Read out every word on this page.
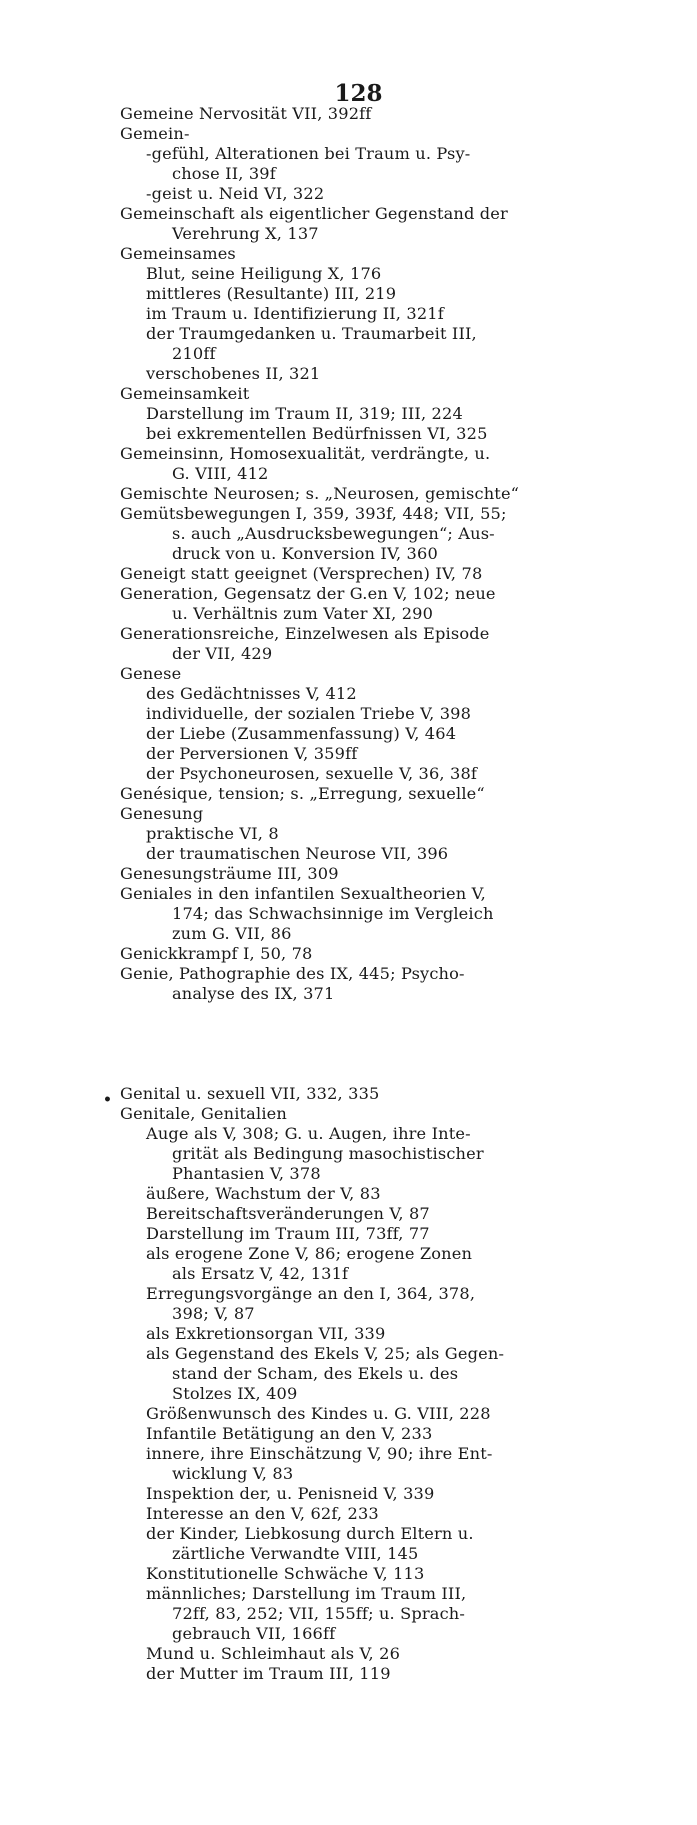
128
•
Gemeine Nervosität VII, 392ff
Gemein-
-gefühl, Alterationen bei Traum u. Psy-
chose II, 39f
-geist u. Neid VI, 322
Gemeinschaft als eigentlicher Gegenstand der
Verehrung X, 137
Gemeinsames
Blut, seine Heiligung X, 176
mittleres (Resultante) III, 219
im Traum u. Identifizierung II, 321f
der Traumgedanken u. Traumarbeit III,
210ff
verschobenes II, 321
Gemeinsamkeit
Darstellung im Traum II, 319; III, 224
bei exkrementellen Bedürfnissen VI, 325
Gemeinsinn, Homosexualität, verdrängte, u.
G. VIII, 412
Gemischte Neurosen; s. „Neurosen, gemischte“
Gemütsbewegungen I, 359, 393f, 448; VII, 55;
s. auch „Ausdrucksbewegungen“; Aus-
druck von u. Konversion IV, 360
Geneigt statt geeignet (Versprechen) IV, 78
Generation, Gegensatz der G.en V, 102; neue
u. Verhältnis zum Vater XI, 290
Generationsreiche, Einzelwesen als Episode
der VII, 429
Genese
des Gedächtnisses V, 412
individuelle, der sozialen Triebe V, 398
der Liebe (Zusammenfassung) V, 464
der Perversionen V, 359ff
der Psychoneurosen, sexuelle V, 36, 38f
Genésique, tension; s. „Erregung, sexuelle“
Genesung
praktische VI, 8
der traumatischen Neurose VII, 396
Genesungsträume III, 309
Geniales in den infantilen Sexualtheorien V,
174; das Schwachsinnige im Vergleich
zum G. VII, 86
Genickkrampf I, 50, 78
Genie, Pathographie des IX, 445; Psycho-
analyse des IX, 371
Genital u. sexuell VII, 332, 335
Genitale, Genitalien
Auge als V, 308; G. u. Augen, ihre Inte-
grität als Bedingung masochistischer
Phantasien V, 378
äußere, Wachstum der V, 83
Bereitschaftsveränderungen V, 87
Darstellung im Traum III, 73ff, 77
als erogene Zone V, 86; erogene Zonen
als Ersatz V, 42, 131f
Erregungsvorgänge an den I, 364, 378,
398; V, 87
als Exkretionsorgan VII, 339
als Gegenstand des Ekels V, 25; als Gegen-
stand der Scham, des Ekels u. des
Stolzes IX, 409
Größenwunsch des Kindes u. G. VIII, 228
Infantile Betätigung an den V, 233
innere, ihre Einschätzung V, 90; ihre Ent-
wicklung V, 83
Inspektion der, u. Penisneid V, 339
Interesse an den V, 62f, 233
der Kinder, Liebkosung durch Eltern u.
zärtliche Verwandte VIII, 145
Konstitutionelle Schwäche V, 113
männliches; Darstellung im Traum III,
72ff, 83, 252; VII, 155ff; u. Sprach-
gebrauch VII, 166ff
Mund u. Schleimhaut als V, 26
der Mutter im Traum III, 119
